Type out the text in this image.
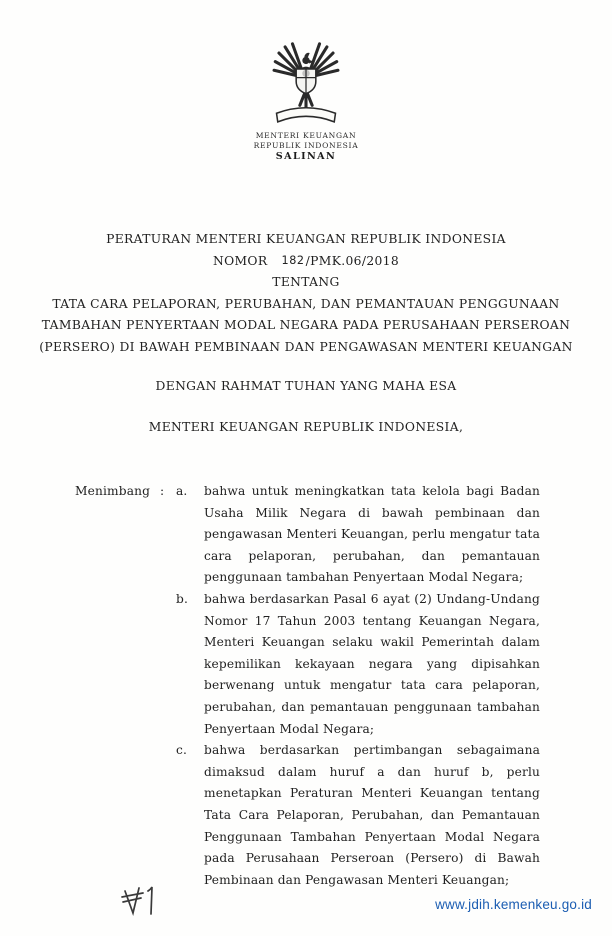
MENTERI KEUANGAN
REPUBLIK INDONESIA
SALINAN
PERATURAN MENTERI KEUANGAN REPUBLIK INDONESIA
NOMOR 182/PMK.06/2018
TENTANG
TATA CARA PELAPORAN, PERUBAHAN, DAN PEMANTAUAN PENGGUNAAN TAMBAHAN PENYERTAAN MODAL NEGARA PADA PERUSAHAAN PERSEROAN (PERSERO) DI BAWAH PEMBINAAN DAN PENGAWASAN MENTERI KEUANGAN
DENGAN RAHMAT TUHAN YANG MAHA ESA
MENTERI KEUANGAN REPUBLIK INDONESIA,
Menimbang : a.	bahwa untuk meningkatkan tata kelola bagi Badan Usaha Milik Negara di bawah pembinaan dan pengawasan Menteri Keuangan, perlu mengatur tata cara pelaporan, perubahan, dan pemantauan penggunaan tambahan Penyertaan Modal Negara;
b.	bahwa berdasarkan Pasal 6 ayat (2) Undang-Undang Nomor 17 Tahun 2003 tentang Keuangan Negara, Menteri Keuangan selaku wakil Pemerintah dalam kepemilikan kekayaan negara yang dipisahkan berwenang untuk mengatur tata cara pelaporan, perubahan, dan pemantauan penggunaan tambahan Penyertaan Modal Negara;
c.	bahwa berdasarkan pertimbangan sebagaimana dimaksud dalam huruf a dan huruf b, perlu menetapkan Peraturan Menteri Keuangan tentang Tata Cara Pelaporan, Perubahan, dan Pemantauan Penggunaan Tambahan Penyertaan Modal Negara pada Perusahaan Perseroan (Persero) di Bawah Pembinaan dan Pengawasan Menteri Keuangan;
www.jdih.kemenkeu.go.id
